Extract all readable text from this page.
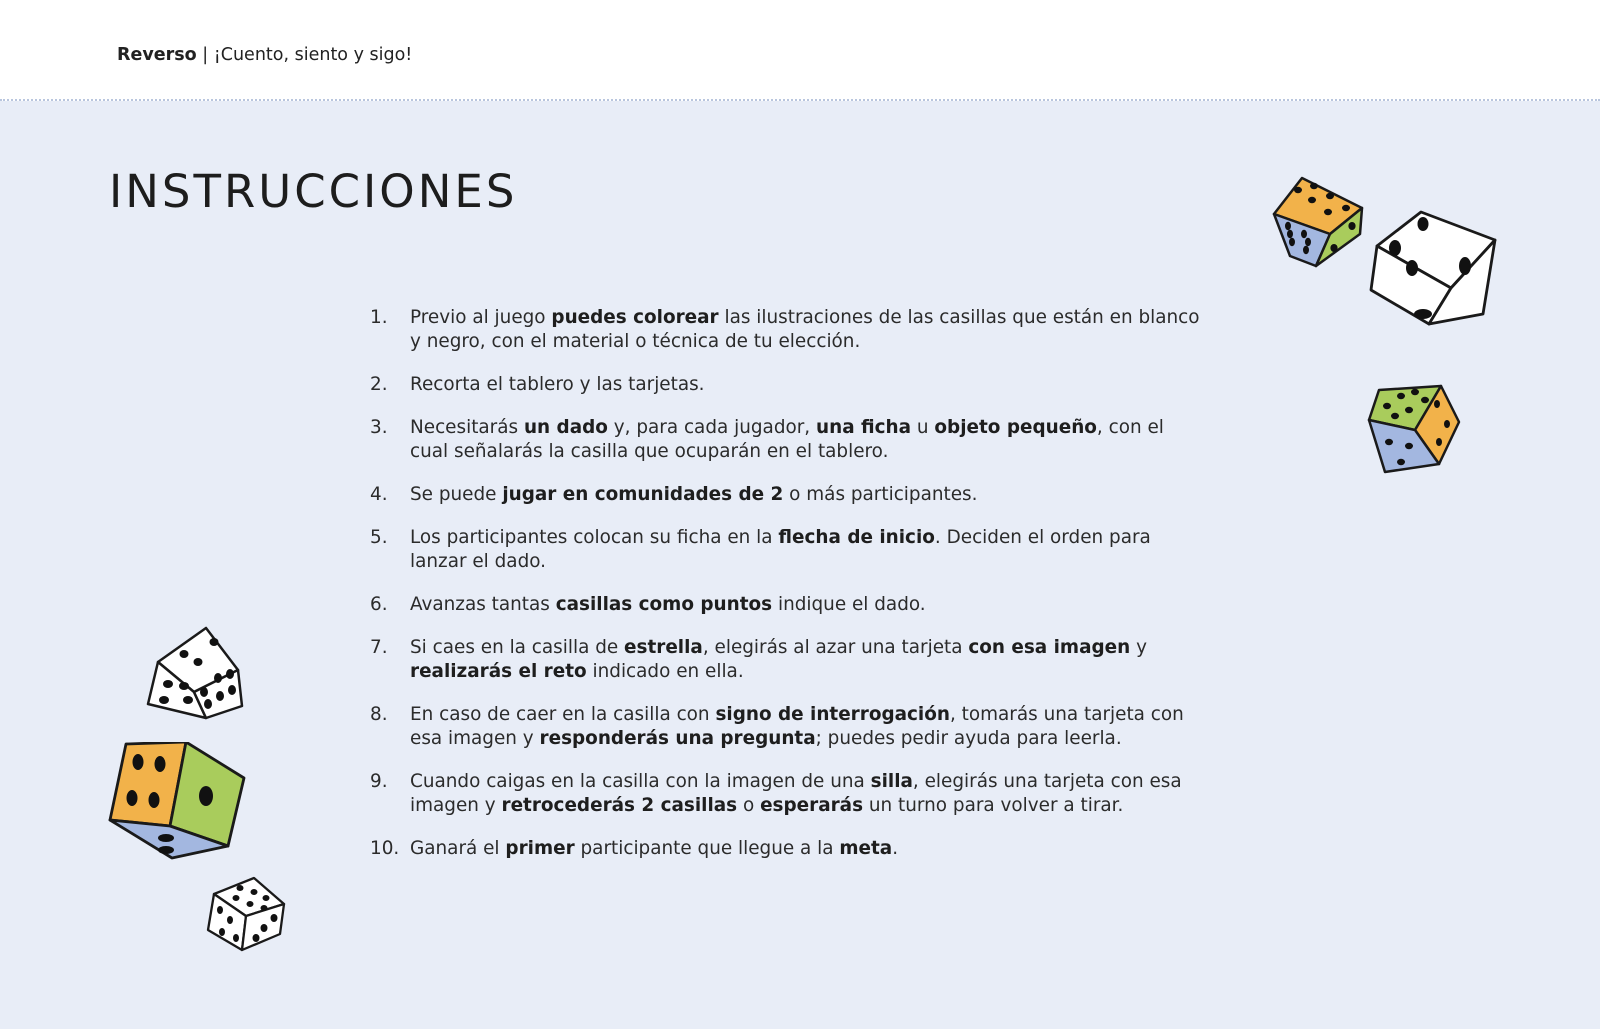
Reverso | ¡Cuento, siento y sigo!
INSTRUCCIONES
1. Previo al juego puedes colorear las ilustraciones de las casillas que están en blanco y negro, con el material o técnica de tu elección.
2. Recorta el tablero y las tarjetas.
3. Necesitarás un dado y, para cada jugador, una ficha u objeto pequeño, con el cual señalarás la casilla que ocuparán en el tablero.
4. Se puede jugar en comunidades de 2 o más participantes.
5. Los participantes colocan su ficha en la flecha de inicio. Deciden el orden para lanzar el dado.
6. Avanzas tantas casillas como puntos indique el dado.
7. Si caes en la casilla de estrella, elegirás al azar una tarjeta con esa imagen y realizarás el reto indicado en ella.
8. En caso de caer en la casilla con signo de interrogación, tomarás una tarjeta con esa imagen y responderás una pregunta; puedes pedir ayuda para leerla.
9. Cuando caigas en la casilla con la imagen de una silla, elegirás una tarjeta con esa imagen y retrocederás 2 casillas o esperarás un turno para volver a tirar.
10. Ganará el primer participante que llegue a la meta.
